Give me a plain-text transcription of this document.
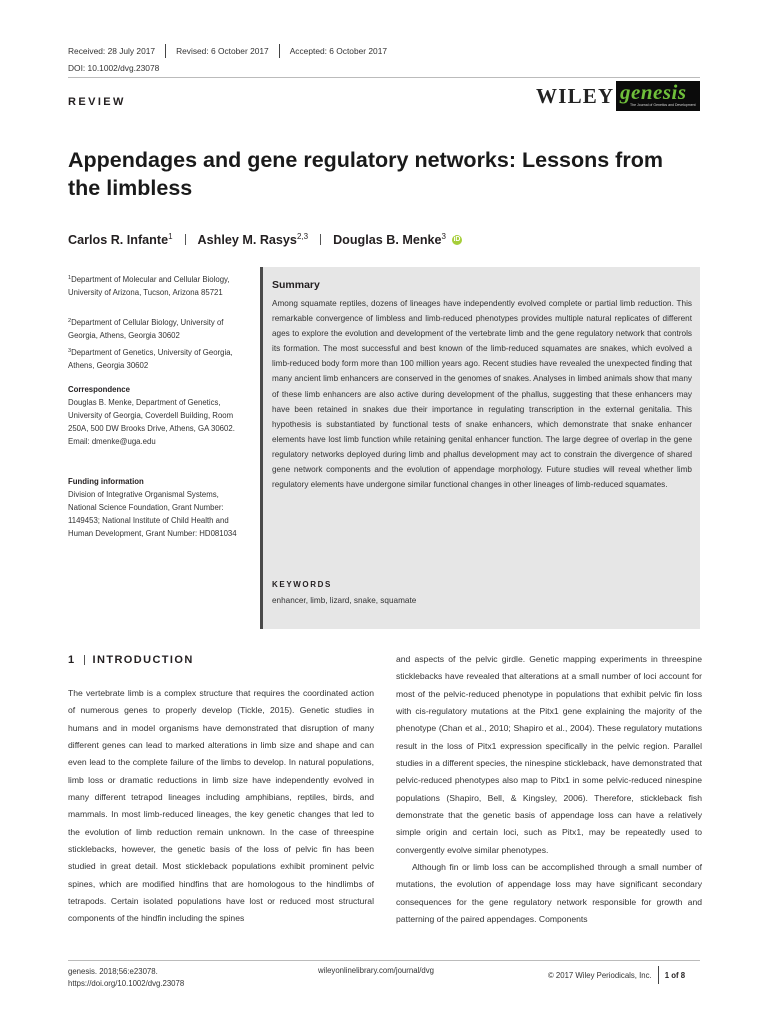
Received: 28 July 2017	Revised: 6 October 2017	Accepted: 6 October 2017
DOI: 10.1002/dvg.23078
REVIEW	WILEY genesis
The Journal of Genetics and Development
Appendages and gene regulatory networks: Lessons from the limbless
Carlos R. Infante$^1$ Ashley M. Rasys$^{2,3}$ Douglas B. Menke$^3$ iD
$^1$Department of Molecular and Cellular Biology, University of Arizona, Tucson, Arizona 85721
$^2$Department of Cellular Biology, University of Georgia, Athens, Georgia 30602
$^3$Department of Genetics, University of Georgia, Athens, Georgia 30602
Correspondence
Douglas B. Menke, Department of Genetics, University of Georgia, Coverdell Building, Room 250A, 500 DW Brooks Drive, Athens, GA 30602.
Email: dmenke@uga.edu
Funding information
Division of Integrative Organismal Systems, National Science Foundation, Grant Number: 1149453; National Institute of Child Health and Human Development, Grant Number: HD081034
Summary
Among squamate reptiles, dozens of lineages have independently evolved complete or partial limb reduction. This remarkable convergence of limbless and limb-reduced phenotypes provides multiple natural replicates of different ages to explore the evolution and development of the vertebrate limb and the gene regulatory network that controls its formation. The most successful and best known of the limb-reduced squamates are snakes, which evolved a limb-reduced body form more than 100 million years ago. Recent studies have revealed the unexpected finding that many ancient limb enhancers are conserved in the genomes of snakes. Analyses in limbed animals show that many of these limb enhancers are also active during development of the phallus, suggesting that these enhancers may have been retained in snakes due their importance in regulating transcription in the external genitalia. This hypothesis is substantiated by functional tests of snake enhancers, which demonstrate that snake enhancer elements have lost limb function while retaining genital enhancer function. The large degree of overlap in the gene regulatory networks deployed during limb and phallus development may act to constrain the divergence of shared gene network components and the evolution of appendage morphology. Future studies will reveal whether limb regulatory elements have undergone similar functional changes in other lineages of limb-reduced squamates.
KEYWORDS
enhancer, limb, lizard, snake, squamate
1 INTRODUCTION

The vertebrate limb is a complex structure that requires the coordinated action of numerous genes to properly develop (Tickle, 2015). Genetic studies in humans and in model organisms have demonstrated that disruption of many different genes can lead to marked alterations in limb size and shape and can even lead to the complete failure of the limbs to develop. In natural populations, limb loss or dramatic reductions in limb size have independently evolved in many different tetrapod lineages including amphibians, reptiles, birds, and mammals. In most limb-reduced lineages, the key genetic changes that led to the evolution of limb reduction remain unknown. In the case of threespine sticklebacks, however, the genetic basis of the loss of pelvic fin has been studied in great detail. Most stickleback populations exhibit prominent pelvic spines, which are modified hindfins that are homologous to the hindlimbs of tetrapods. Certain isolated populations have lost or reduced most structural components of the hindfin including the spines

and aspects of the pelvic girdle. Genetic mapping experiments in threespine sticklebacks have revealed that alterations at a small number of loci account for most of the pelvic-reduced phenotype in populations that exhibit pelvic fin loss with cis-regulatory mutations at the Pitx1 gene explaining the majority of the phenotype (Chan et al., 2010; Shapiro et al., 2004). These regulatory mutations result in the loss of Pitx1 expression specifically in the pelvic region. Parallel studies in a different species, the ninespine stickleback, have demonstrated that pelvic-reduced phenotypes also map to Pitx1 in some pelvic-reduced ninespine populations (Shapiro, Bell, & Kingsley, 2006). Therefore, stickleback fish demonstrate that the genetic basis of appendage loss can have a relatively simple origin and certain loci, such as Pitx1, may be repeatedly used to convergently evolve similar phenotypes.

Although fin or limb loss can be accomplished through a small number of mutations, the evolution of appendage loss may have significant secondary consequences for the gene regulatory network responsible for growth and patterning of the paired appendages. Components

genesis. 2018;56:e23078.
https://doi.org/10.1002/dvg.23078
wileyonlinelibrary.com/journal/dvg	© 2017 Wiley Periodicals, Inc. 1 of 8
